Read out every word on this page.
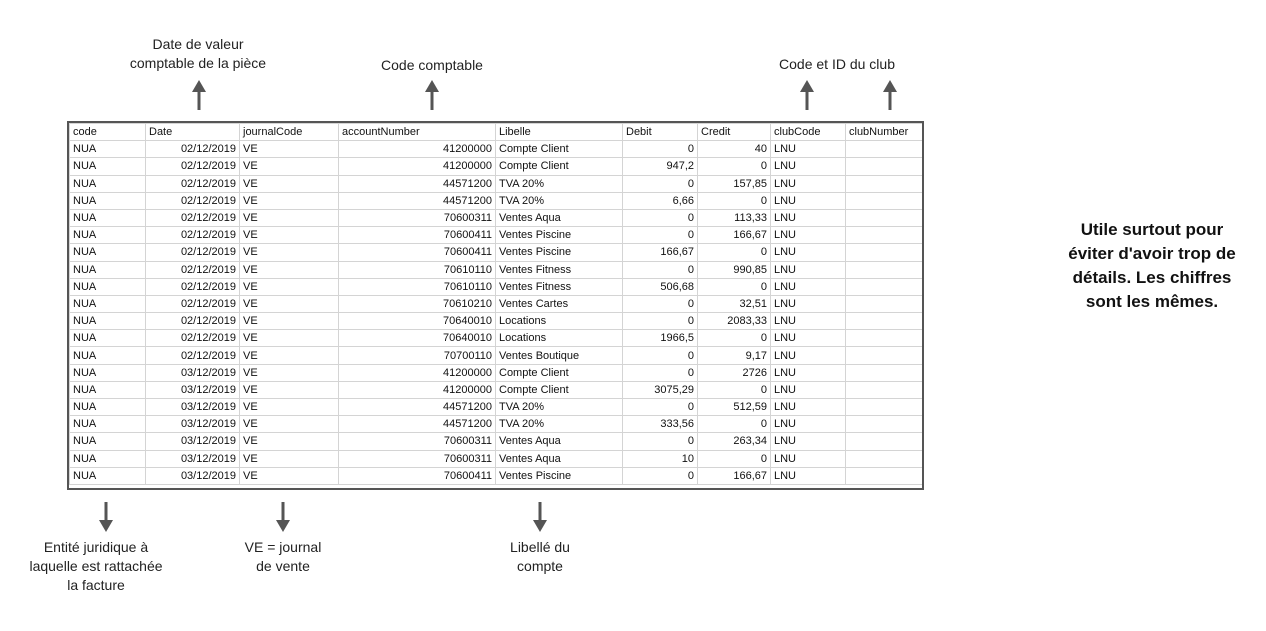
Date de valeur
comptable de la pièce	Code comptable	Code et ID du club
code	Date	journalCode	accountNumber	Libelle	Debit	Credit	clubCode	clubNumber
NUA	02/12/2019	VE	41200000	Compte Client	0	40	LNU	
NUA	02/12/2019	VE	41200000	Compte Client	947,2	0	LNU	
NUA	02/12/2019	VE	44571200	TVA 20%	0	157,85	LNU	
NUA	02/12/2019	VE	44571200	TVA 20%	6,66	0	LNU	
NUA	02/12/2019	VE	70600311	Ventes Aqua	0	113,33	LNU	
NUA	02/12/2019	VE	70600411	Ventes Piscine	0	166,67	LNU	
NUA	02/12/2019	VE	70600411	Ventes Piscine	166,67	0	LNU	
NUA	02/12/2019	VE	70610110	Ventes Fitness	0	990,85	LNU	
NUA	02/12/2019	VE	70610110	Ventes Fitness	506,68	0	LNU	
NUA	02/12/2019	VE	70610210	Ventes Cartes	0	32,51	LNU	
NUA	02/12/2019	VE	70640010	Locations	0	2083,33	LNU	
NUA	02/12/2019	VE	70640010	Locations	1966,5	0	LNU	
NUA	02/12/2019	VE	70700110	Ventes Boutique	0	9,17	LNU	
NUA	03/12/2019	VE	41200000	Compte Client	0	2726	LNU	
NUA	03/12/2019	VE	41200000	Compte Client	3075,29	0	LNU	
NUA	03/12/2019	VE	44571200	TVA 20%	0	512,59	LNU	
NUA	03/12/2019	VE	44571200	TVA 20%	333,56	0	LNU	
NUA	03/12/2019	VE	70600311	Ventes Aqua	0	263,34	LNU	
NUA	03/12/2019	VE	70600311	Ventes Aqua	10	0	LNU	
NUA	03/12/2019	VE	70600411	Ventes Piscine	0	166,67	LNU	
Entité juridique à
laquelle est rattachée
la facture
VE = journal
de vente
Libellé du
compte
Utile surtout pour
éviter d'avoir trop de
détails. Les chiffres
sont les mêmes.
